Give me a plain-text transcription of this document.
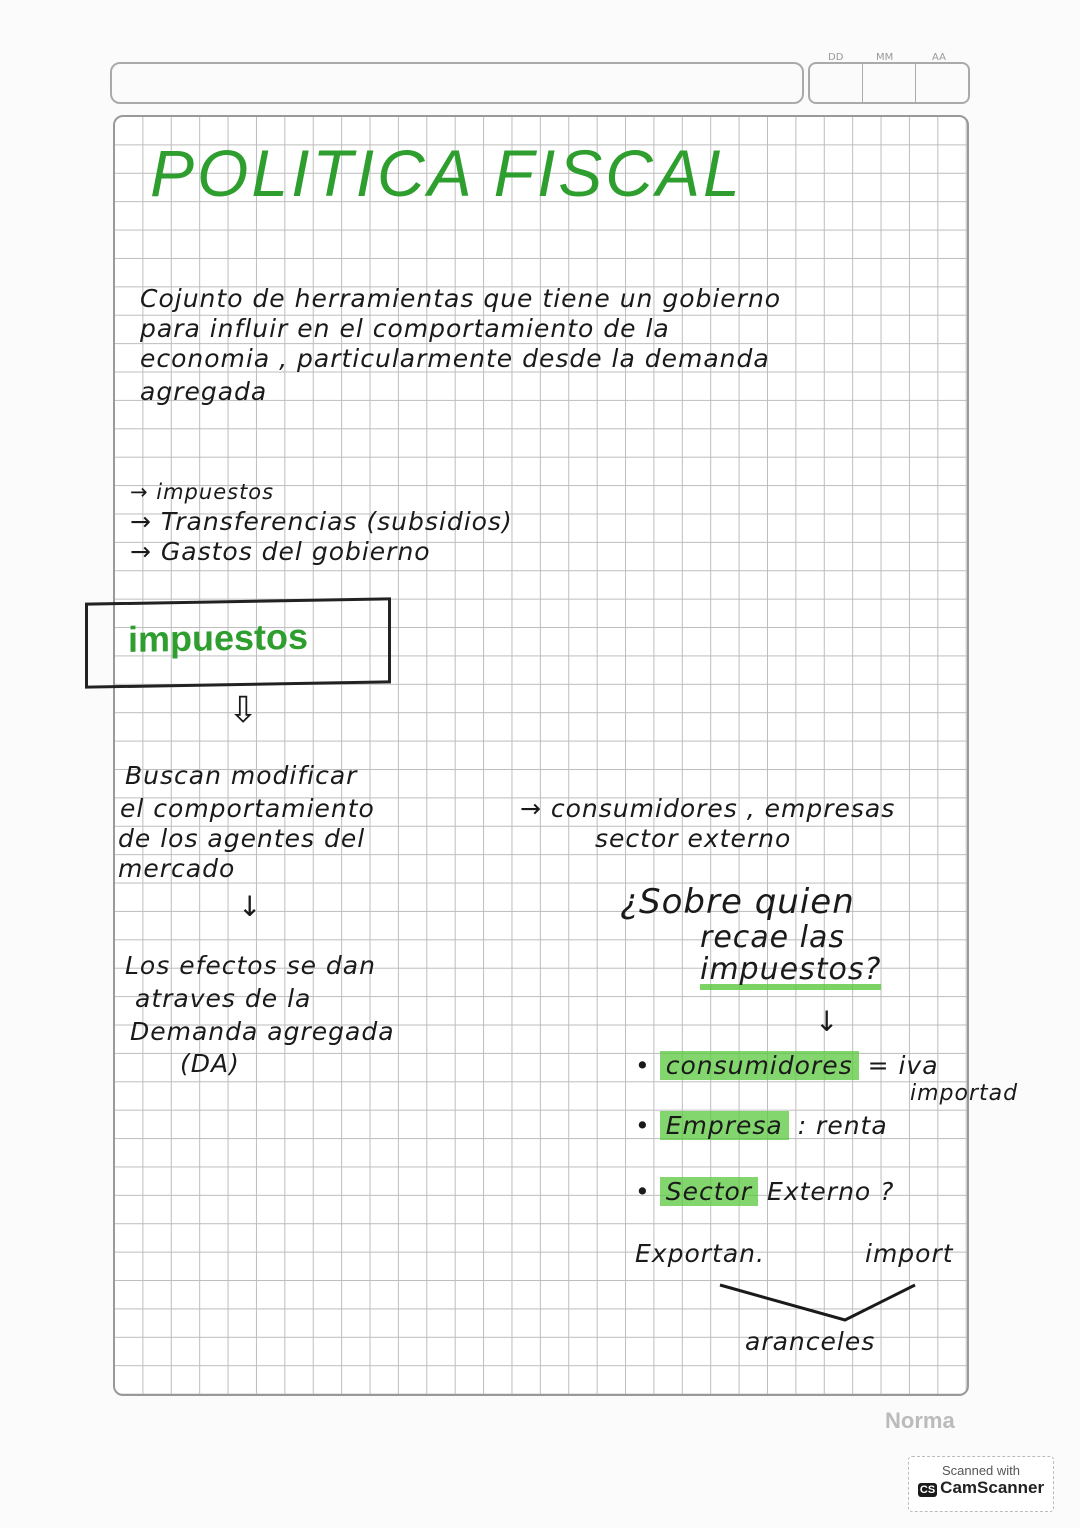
DD	MM	AA
POLITICA FISCAL
Cojunto de herramientas que tiene un gobierno
para influir en el comportamiento de la
economia , particularmente desde la demanda
agregada
→ impuestos
→ Transferencias (subsidios)
→ Gastos del gobierno
impuestos
⇩
Buscan modificar
el comportamiento
de los agentes del
mercado
→ consumidores , empresas
sector externo
↓
Los efectos se dan
atraves de la
Demanda agregada
(DA)
¿Sobre quien
recae las
impuestos?
↓
• consumidores = iva
importad
• Empresa : renta
• Sector Externo ?
Exportan.	import
aranceles
Norma
Scanned with
CS CamScanner
